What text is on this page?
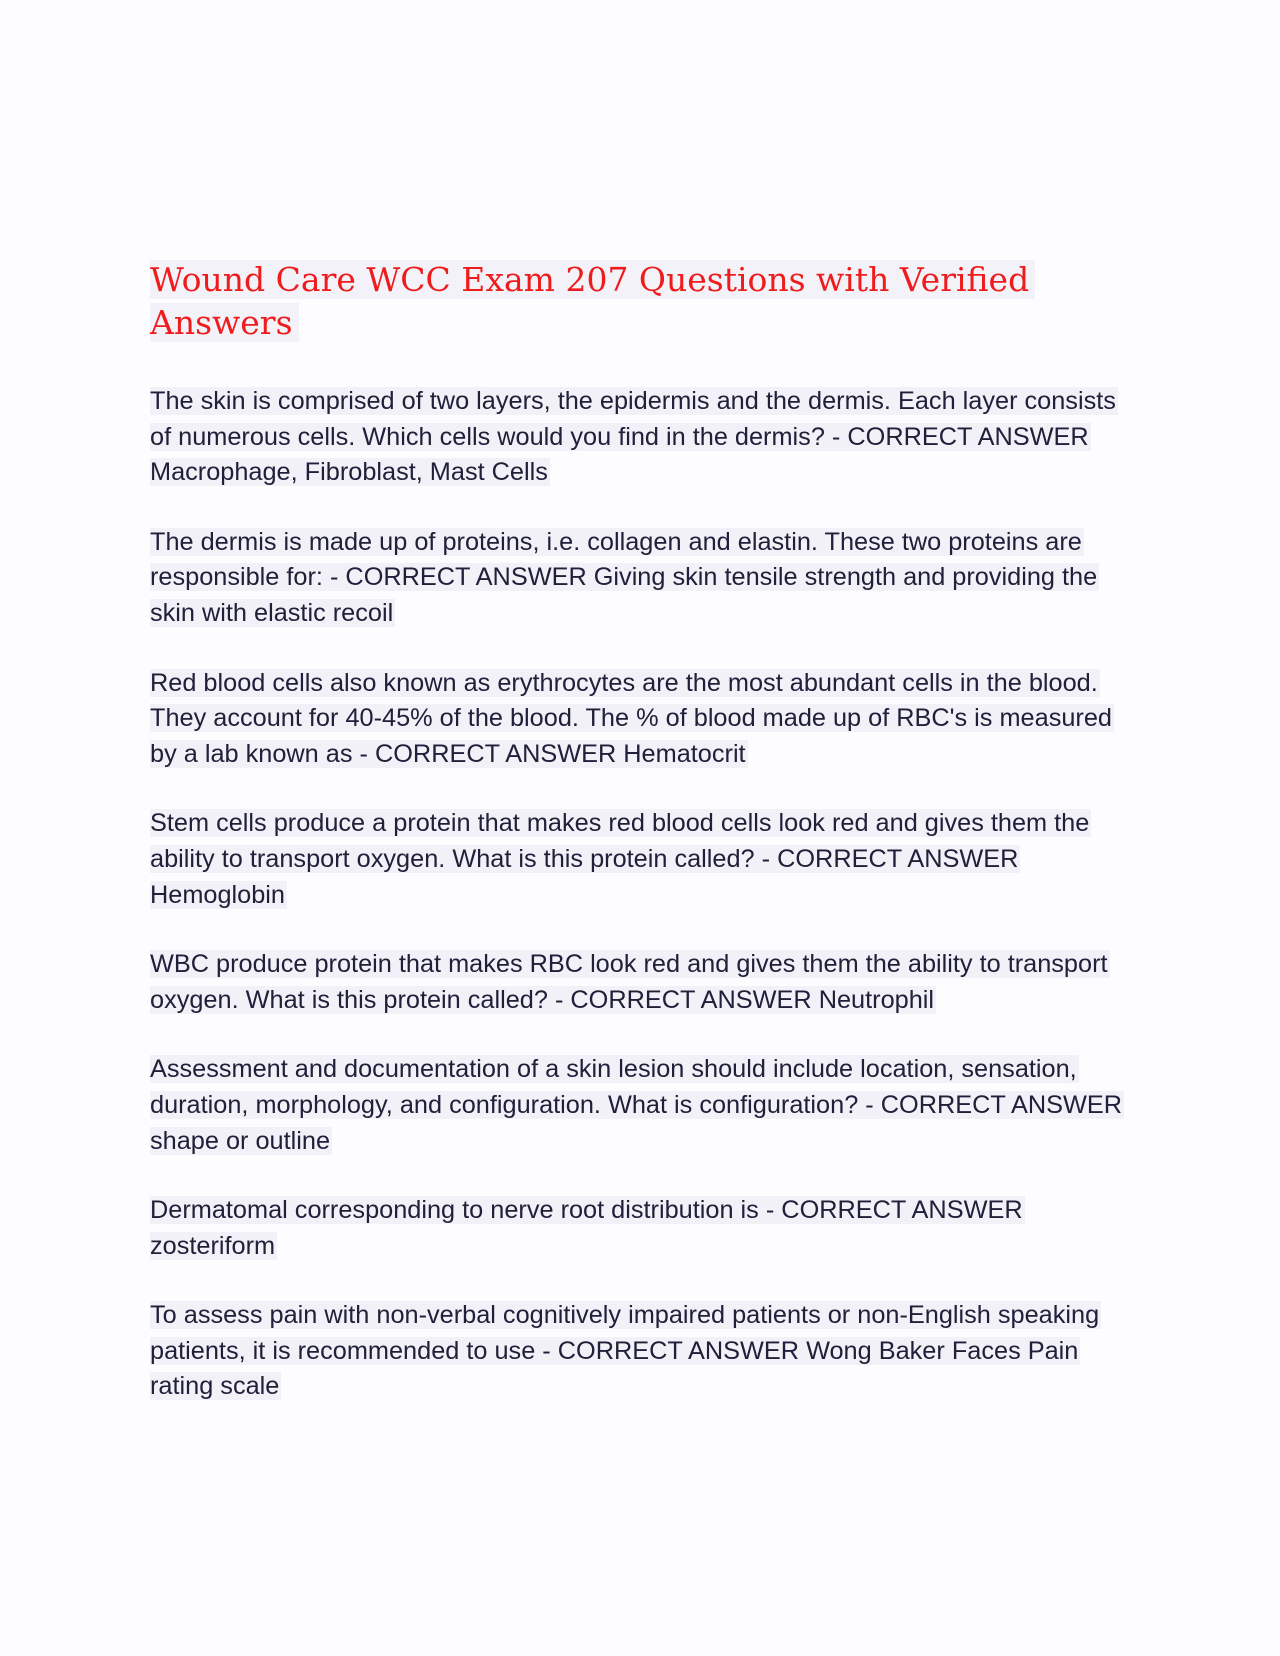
Wound Care WCC Exam 207 Questions with Verified Answers

The skin is comprised of two layers, the epidermis and the dermis. Each layer consists of numerous cells. Which cells would you find in the dermis? - CORRECT ANSWER Macrophage, Fibroblast, Mast Cells

The dermis is made up of proteins, i.e. collagen and elastin. These two proteins are responsible for: - CORRECT ANSWER Giving skin tensile strength and providing the skin with elastic recoil

Red blood cells also known as erythrocytes are the most abundant cells in the blood. They account for 40-45% of the blood. The % of blood made up of RBC's is measured by a lab known as - CORRECT ANSWER Hematocrit

Stem cells produce a protein that makes red blood cells look red and gives them the ability to transport oxygen. What is this protein called? - CORRECT ANSWER Hemoglobin

WBC produce protein that makes RBC look red and gives them the ability to transport oxygen. What is this protein called? - CORRECT ANSWER Neutrophil

Assessment and documentation of a skin lesion should include location, sensation, duration, morphology, and configuration. What is configuration? - CORRECT ANSWER shape or outline

Dermatomal corresponding to nerve root distribution is - CORRECT ANSWER zosteriform

To assess pain with non-verbal cognitively impaired patients or non-English speaking patients, it is recommended to use - CORRECT ANSWER Wong Baker Faces Pain rating scale
